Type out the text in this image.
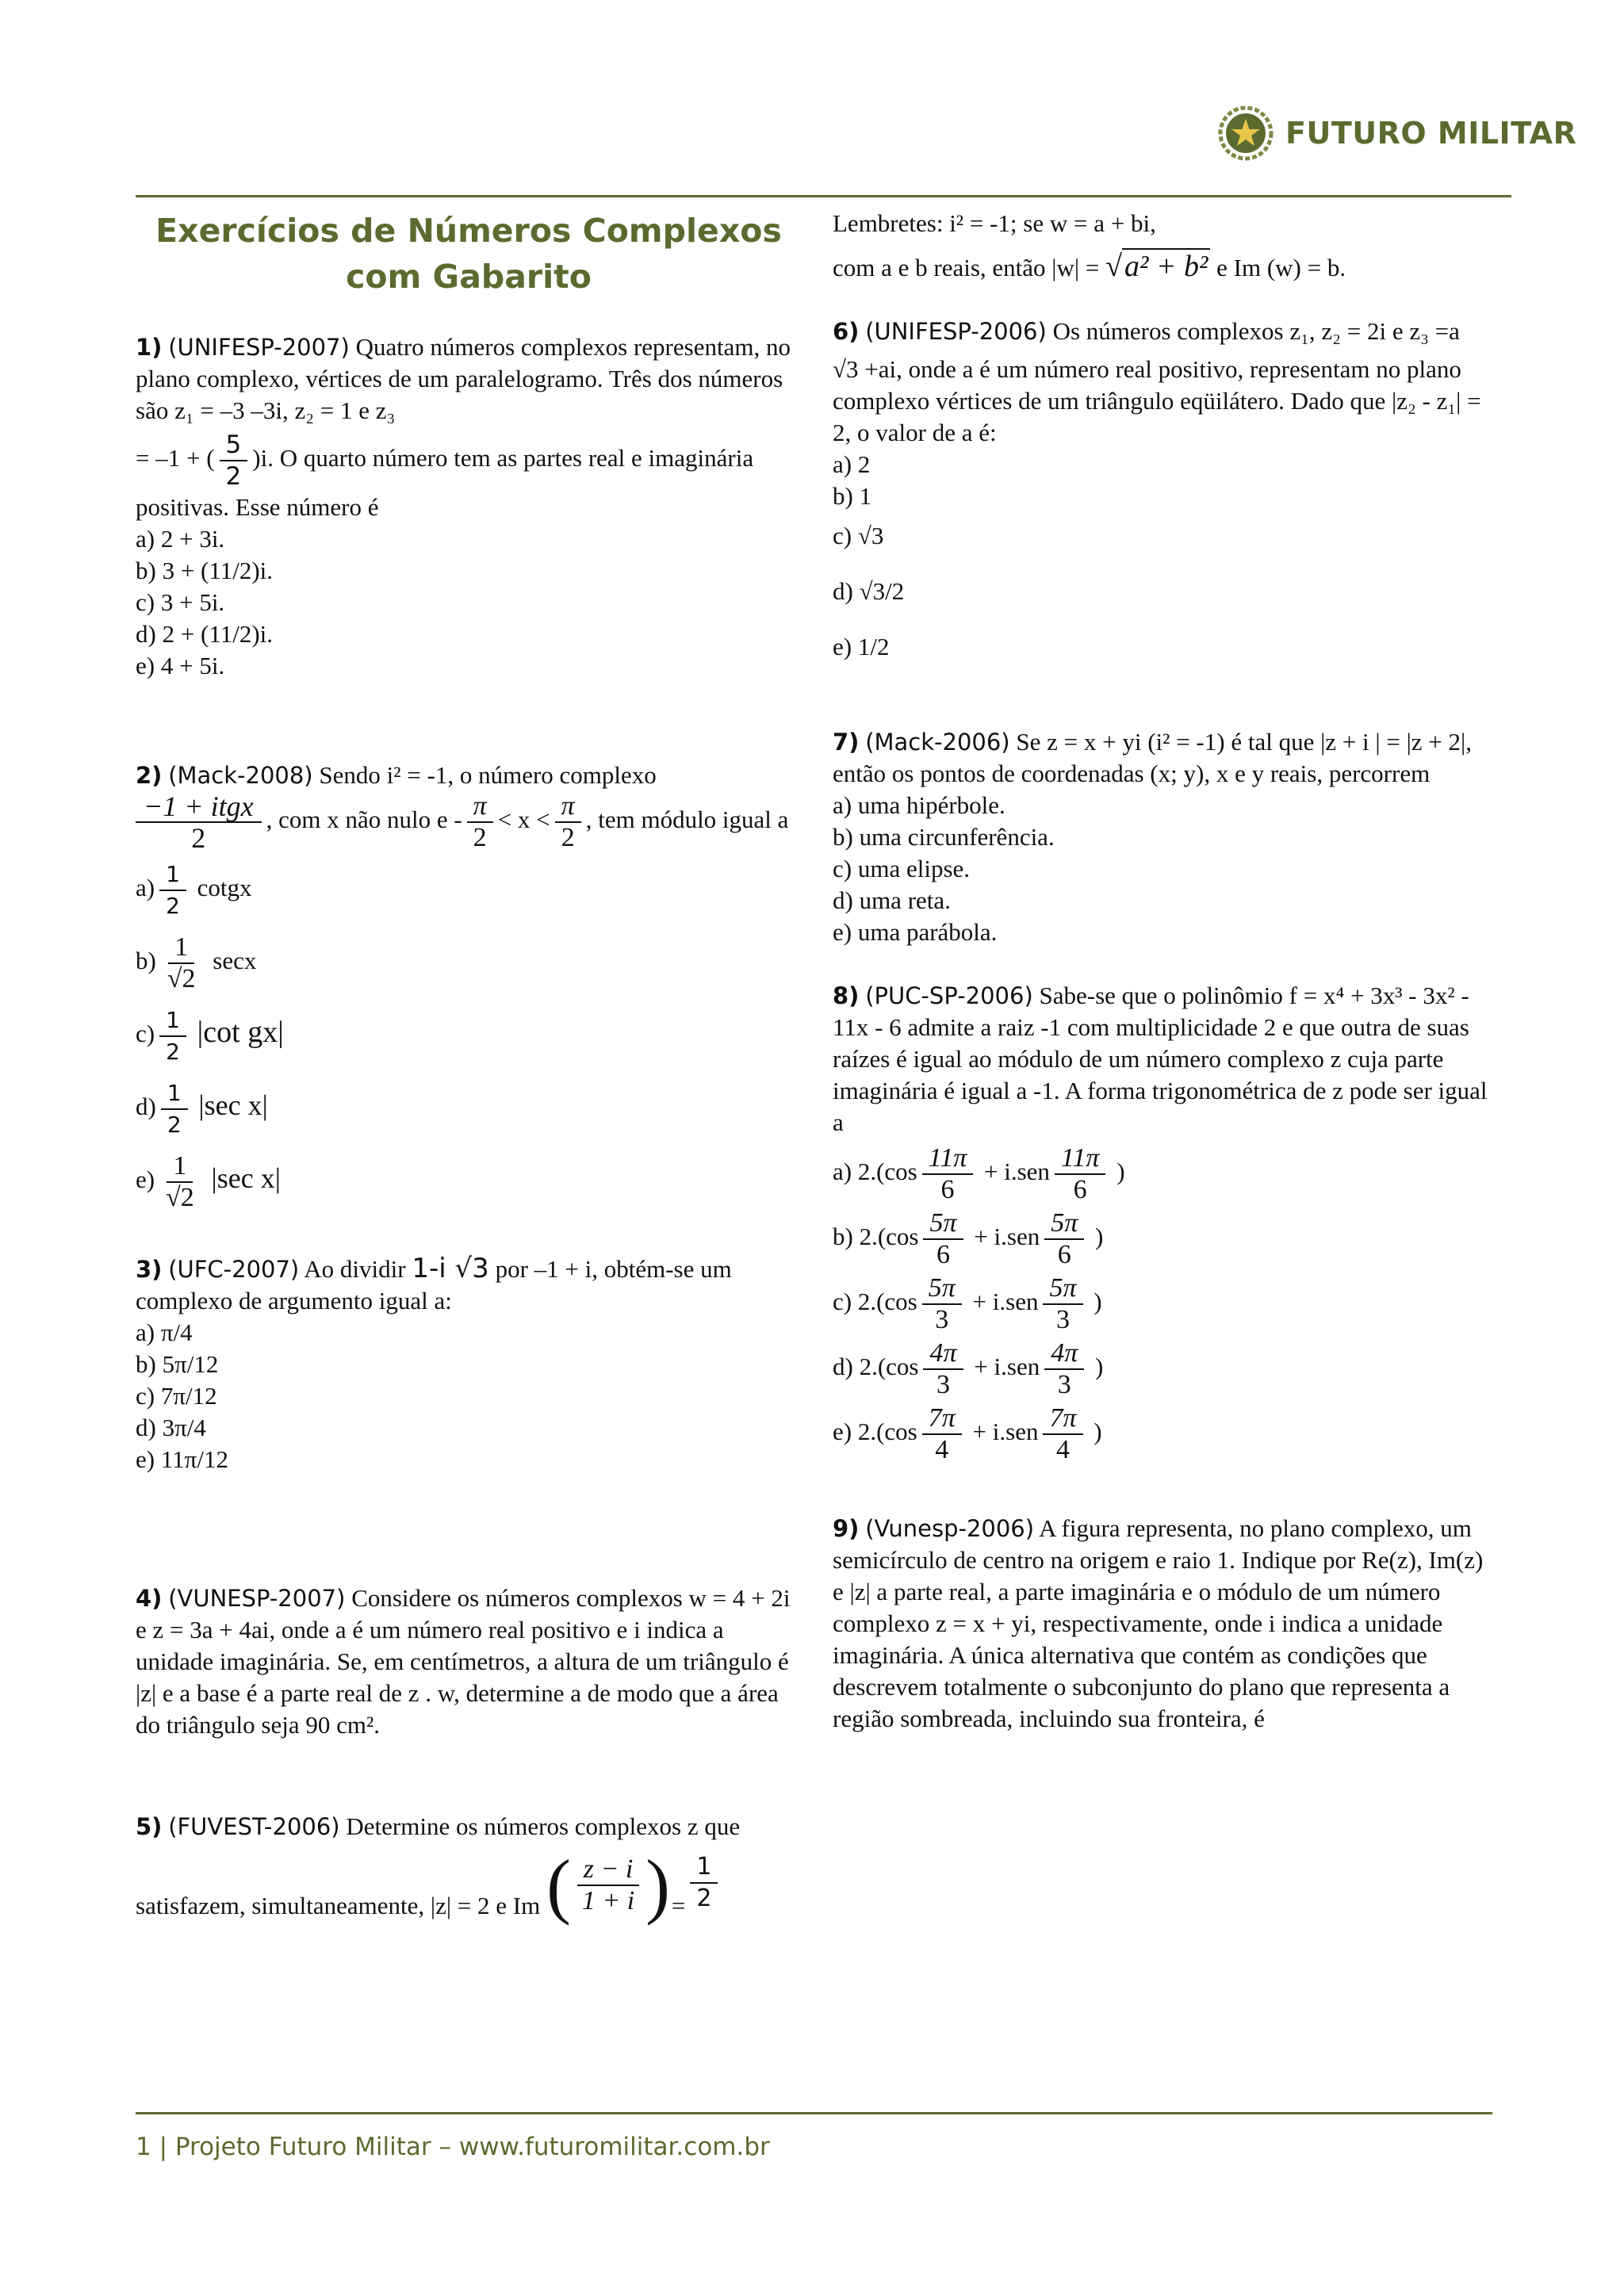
FUTURO MILITAR
Exercícios de Números Complexos com Gabarito
1) (UNIFESP-2007) Quatro números complexos representam, no plano complexo, vértices de um paralelogramo. Três dos números são z₁ = –3 –3i, z₂ = 1 e z₃
= –1 + ( $\frac{5}{2} )i$. O quarto número tem as partes real e imaginária positivas. Esse número é
a) 2 + 3i.
b) 3 + (11/2)i.
c) 3 + 5i.
d) 2 + (11/2)i.
e) 4 + 5i.
2) (Mack-2008) Sendo i² = -1, o número complexo
$\frac{\text{−1 + itgx}}{2}$ , com x não nulo $e - \frac{\pi}{2} < x < \frac{\pi}{2}$ , tem módulo igual a
$a) \frac{1}{2}$ cotgx
$b) \frac{1}{√2}$ secx
$c) \frac{1}{2} |\cot$ gx|
$d) \frac{1}{2} |\sec$ x|
$e) \frac{1}{√2} |\sec$ x|
3) (UFC-2007) Ao dividir 1-i √3 por –1 + i, obtém-se um complexo de argumento igual a:
a) π/4
b) 5π/12
c) 7π/12
d) 3π/4
e) 11π/12
4) (VUNESP-2007) Considere os números complexos w = 4 + 2i e z = 3a + 4ai, onde a é um número real positivo e i indica a unidade imaginária. Se, em centímetros, a altura de um triângulo é |z| e a base é a parte real de z . w, determine a de modo que a área do triângulo seja 90 cm².
5) (FUVEST-2006) Determine os números complexos z que
satisfazem, simultaneamente, |z| = 2 e Im ( $\frac{z - i}{1 + i}$ ) = $\frac{1}{2}$
Lembretes: i² = -1; se w = a + bi,
com a e b reais, então |w| = √a² + b² e Im (w) = b.
6) (UNIFESP-2006) Os números complexos z₁, z₂ = 2i e z₃ =a
√3 +ai, onde a é um número real positivo, representam no plano complexo vértices de um triângulo eqüilátero. Dado que |z₂ - z₁| = 2, o valor de a é:
a) 2
b) 1
c) √3
d) √3/2
e) 1/2
7) (Mack-2006) Se z = x + yi (i² = -1) é tal que |z + i | = |z + 2|, então os pontos de coordenadas (x; y), x e y reais, percorrem
a) uma hipérbole.
b) uma circunferência.
c) uma elipse.
d) uma reta.
e) uma parábola.
8) (PUC-SP-2006) Sabe-se que o polinômio f = x⁴ + 3x³ - 3x² - 11x - 6 admite a raiz -1 com multiplicidade 2 e que outra de suas raízes é igual ao módulo de um número complexo z cuja parte imaginária é igual a -1. A forma trigonométrica de z pode ser igual a
a) $2.(\cos \frac{11\pi}{6} + i.sen \frac{11\pi}{6}$ )
b) $2.(\cos \frac{5\pi}{6} + i.sen \frac{5\pi}{6}$ )
c) $2.(\cos \frac{5\pi}{3} + i.sen \frac{5\pi}{3}$ )
d) $2.(\cos \frac{4\pi}{3} + i.sen \frac{4\pi}{3}$ )
e) $2.(\cos \frac{7\pi}{4} + i.sen \frac{7\pi}{4}$ )
9) (Vunesp-2006) A figura representa, no plano complexo, um semicírculo de centro na origem e raio 1. Indique por Re(z), Im(z) e |z| a parte real, a parte imaginária e o módulo de um número complexo z = x + yi, respectivamente, onde i indica a unidade imaginária. A única alternativa que contém as condições que descrevem totalmente o subconjunto do plano que representa a região sombreada, incluindo sua fronteira, é
1 | Projeto Futuro Militar – www.futuromilitar.com.br
